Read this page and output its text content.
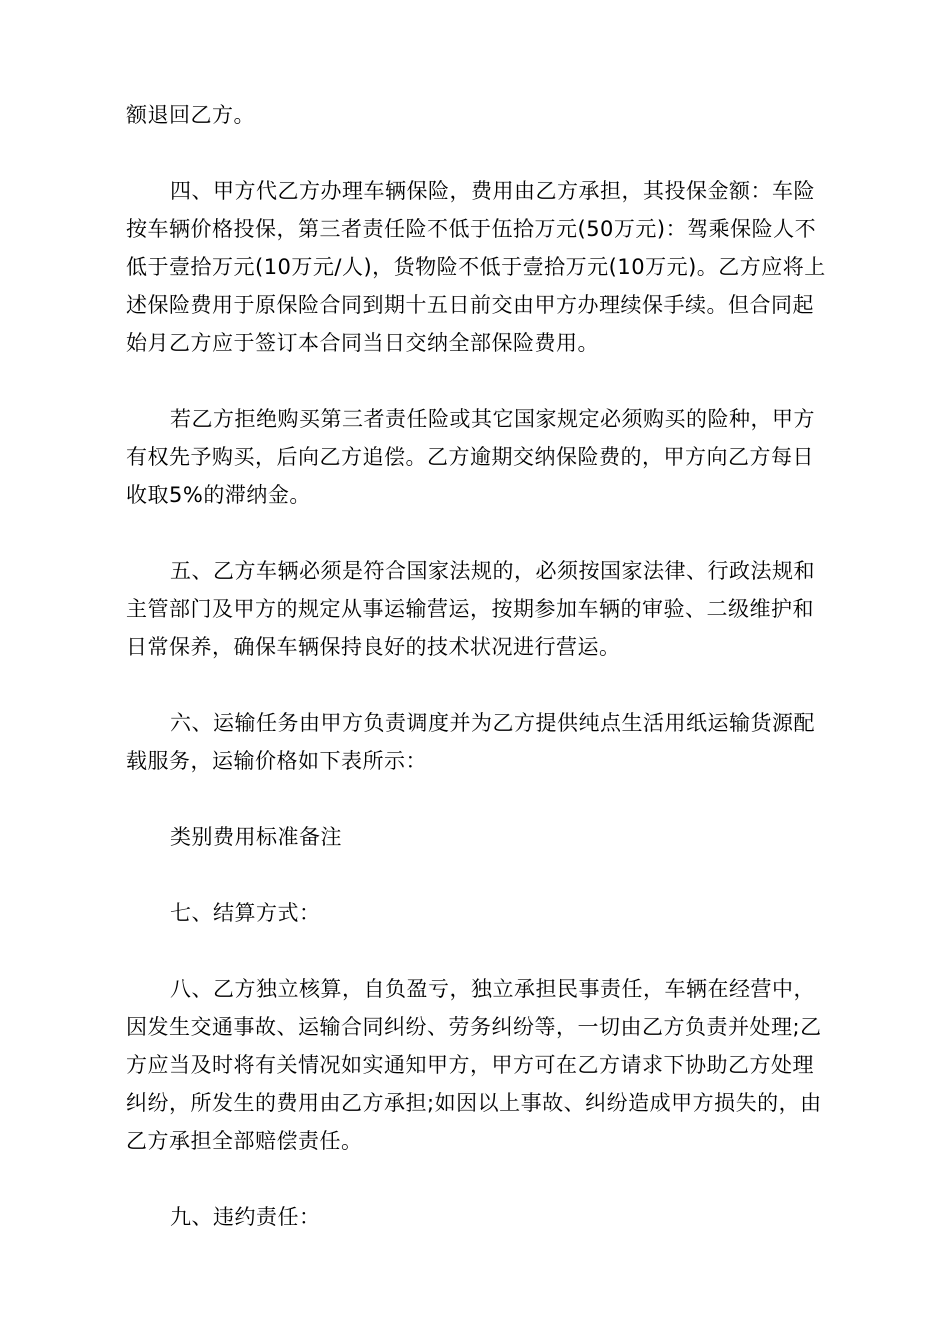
额退回乙方。

四、甲方代乙方办理车辆保险，费用由乙方承担，其投保金额：车险按车辆价格投保，第三者责任险不低于伍拾万元(50万元)：驾乘保险人不低于壹拾万元(10万元/人)，货物险不低于壹拾万元(10万元)。乙方应将上述保险费用于原保险合同到期十五日前交由甲方办理续保手续。但合同起始月乙方应于签订本合同当日交纳全部保险费用。

若乙方拒绝购买第三者责任险或其它国家规定必须购买的险种，甲方有权先予购买，后向乙方追偿。乙方逾期交纳保险费的，甲方向乙方每日收取5%的滞纳金。

五、乙方车辆必须是符合国家法规的，必须按国家法律、行政法规和主管部门及甲方的规定从事运输营运，按期参加车辆的审验、二级维护和日常保养，确保车辆保持良好的技术状况进行营运。

六、运输任务由甲方负责调度并为乙方提供纯点生活用纸运输货源配载服务，运输价格如下表所示：

类别费用标准备注

七、结算方式：

八、乙方独立核算，自负盈亏，独立承担民事责任，车辆在经营中，因发生交通事故、运输合同纠纷、劳务纠纷等，一切由乙方负责并处理;乙方应当及时将有关情况如实通知甲方，甲方可在乙方请求下协助乙方处理纠纷，所发生的费用由乙方承担;如因以上事故、纠纷造成甲方损失的，由乙方承担全部赔偿责任。

九、违约责任：
